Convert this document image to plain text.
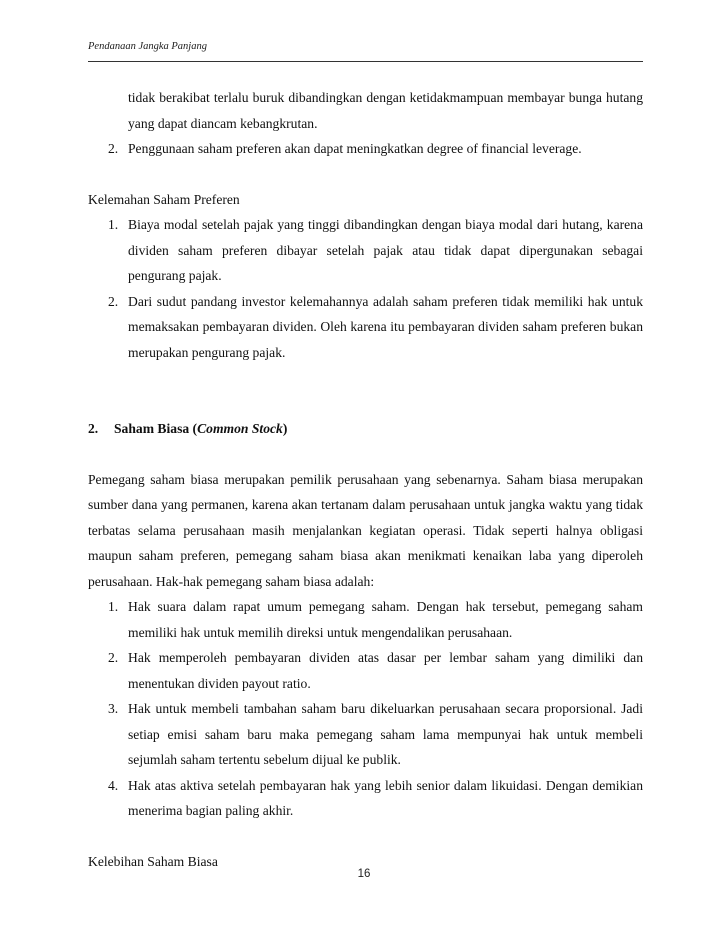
Pendanaan Jangka Panjang

tidak berakibat terlalu buruk dibandingkan dengan ketidakmampuan membayar bunga hutang yang dapat diancam kebangkrutan.

2. Penggunaan saham preferen akan dapat meningkatkan degree of financial leverage.

Kelemahan Saham Preferen

1. Biaya modal setelah pajak yang tinggi dibandingkan dengan biaya modal dari hutang, karena dividen saham preferen dibayar setelah pajak atau tidak dapat dipergunakan sebagai pengurang pajak.
2. Dari sudut pandang investor kelemahannya adalah saham preferen tidak memiliki hak untuk memaksakan pembayaran dividen. Oleh karena itu pembayaran dividen saham preferen bukan merupakan pengurang pajak.

2. Saham Biasa (Common Stock)

Pemegang saham biasa merupakan pemilik perusahaan yang sebenarnya. Saham biasa merupakan sumber dana yang permanen, karena akan tertanam dalam perusahaan untuk jangka waktu yang tidak terbatas selama perusahaan masih menjalankan kegiatan operasi. Tidak seperti halnya obligasi maupun saham preferen, pemegang saham biasa akan menikmati kenaikan laba yang diperoleh perusahaan. Hak-hak pemegang saham biasa adalah:

1. Hak suara dalam rapat umum pemegang saham. Dengan hak tersebut, pemegang saham memiliki hak untuk memilih direksi untuk mengendalikan perusahaan.
2. Hak memperoleh pembayaran dividen atas dasar per lembar saham yang dimiliki dan menentukan dividen payout ratio.
3. Hak untuk membeli tambahan saham baru dikeluarkan perusahaan secara proporsional. Jadi setiap emisi saham baru maka pemegang saham lama mempunyai hak untuk membeli sejumlah saham tertentu sebelum dijual ke publik.
4. Hak atas aktiva setelah pembayaran hak yang lebih senior dalam likuidasi. Dengan demikian menerima bagian paling akhir.

Kelebihan Saham Biasa

16
